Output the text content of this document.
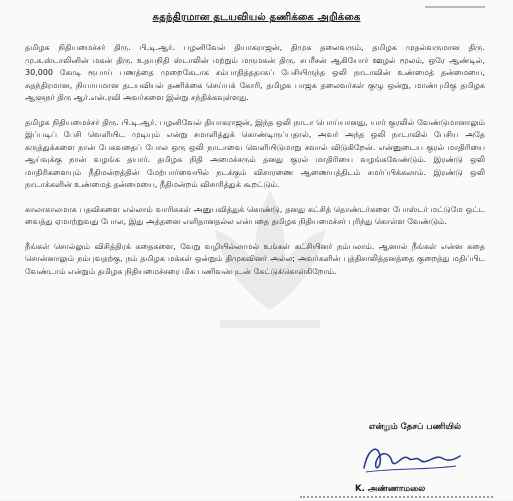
சுதந்திரமான தடயவியல் தணிக்கை அறிக்கை

தமிழக நிதியமைச்சர் திரு. பி.டி.ஆர். பழனிவேல் தியாகராஜன், திமுக தலைவரும், தமிழக முதல்வருமான திரு. மு.க.ஸ்டாலினின் மகன் திரு. உதயநிதி ஸ்டாலின் மற்றும் மருமகன் திரு. சபரீசன் ஆகியோர் ஊழல் மூலம், ஒரே ஆண்டில், 30,000 கோடி ரூபாய் பணத்தை முறைகேடாக சம்பாதித்ததாகப் பேசியிருந்த ஒலி நாடாவின் உண்மைத் தன்மையை, சுதந்திரமான, நியாயமான தடயவியல் தணிக்கை செய்யக் கோரி, தமிழக பாஜக தலைவர்கள் குழு ஒன்று, மாண்புமிகு தமிழக ஆளுநர் திரு ஆர்.என்.ரவி அவர்களை இன்று சந்திக்கவுள்ளது.

தமிழக நிதியமைச்சர் திரு. பி.டி.ஆர். பழனிவேல் தியாகராஜன், இந்த ஒலி நாடா பொய்யானது, யார் குரலில் வேண்டுமானாலும் இப்படிப் பேசி வெளியிட முடியும் என்று சமாளித்துக் கொண்டிருப்பதால், அவர் அந்த ஒலி நாடாவில் பேசிய அதே கருத்துக்களை நான் பேசுவதைப் போல ஒரு ஒலி நாடாவை வெளியிடுமாறு சவால் விடுகிறேன். என்னுடைய குரல் மாதிரியை ஆய்வுக்கு நான் வழங்க தயார். தமிழக நிதி அமைச்சரும் தனது குரல் மாதிரியை வழங்கவேண்டும். இரண்டு ஒலி மாதிரிகளையும் நீதிமன்றத்தின் மேற்பார்வையில் நடக்கும் விசாரணை ஆணையத்திடம் சமர்ப்பிக்கலாம். இரண்டு ஒலி நாடாக்களின் உண்மைத் தன்மையை, நீதிமன்றம் விசாரித்துக் கூறட்டும்.

காலாகாலமாக பதவிகளை எல்லாம் வாரிசுகள் அனுபவித்துக் கொண்டு, தனது கட்சித் தொண்டர்களை போஸ்டர் மட்டுமே ஒட்ட வைத்து ஏமாற்றுவது போல, இது அத்தனை எளிதானதல்ல என்பதை தமிழக நிதியமைச்சர் புரிந்து கொள்ள வேண்டும்.

நீங்கள் சொல்லும் விசித்திரக் கதைகளை, வேறு வழியில்லாமல் உங்கள் கட்சியினர் நம்பலாம். ஆனால் நீங்கள் என்ன கதை சொன்னாலும் நம்புவதற்கு, நம் தமிழக மக்கள் ஒன்றும் திமுகவினர் அல்ல; அவர்களின் புத்திசாலித்தனத்தை குறைத்து மதிப்பிட வேண்டாம் என்றும் தமிழக நிதியமைச்சரை மிக பணிவன்புடன் கேட்டுக்கொள்கிறோம்.

என்றும் தேசப் பணியில்
K. அண்ணாமலை
